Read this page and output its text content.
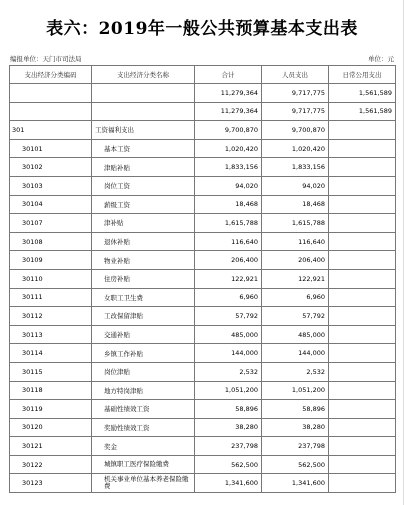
表六：2019年一般公共预算基本支出表
编报单位：天门市司法局	单位：元
支出经济分类编码	支出经济分类名称	合计	人员支出	日常公用支出
		11,279,364	9,717,775	1,561,589
		11,279,364	9,717,775	1,561,589
301	工资福利支出	9,700,870	9,700,870	
30101	基本工资	1,020,420	1,020,420	
30102	津贴补贴	1,833,156	1,833,156	
30103	岗位工资	94,020	94,020	
30104	薪级工资	18,468	18,468	
30107	津补贴	1,615,788	1,615,788	
30108	退休补贴	116,640	116,640	
30109	物业补贴	206,400	206,400	
30110	住房补贴	122,921	122,921	
30111	女职工卫生费	6,960	6,960	
30112	工改保留津贴	57,792	57,792	
30113	交通补贴	485,000	485,000	
30114	乡镇工作补贴	144,000	144,000	
30115	岗位津贴	2,532	2,532	
30118	地方特岗津贴	1,051,200	1,051,200	
30119	基础性绩效工资	58,896	58,896	
30120	奖励性绩效工资	38,280	38,280	
30121	奖金	237,798	237,798	
30122	城镇职工医疗保险缴费	562,500	562,500	
30123	机关事业单位基本养老保险缴费	1,341,600	1,341,600	
